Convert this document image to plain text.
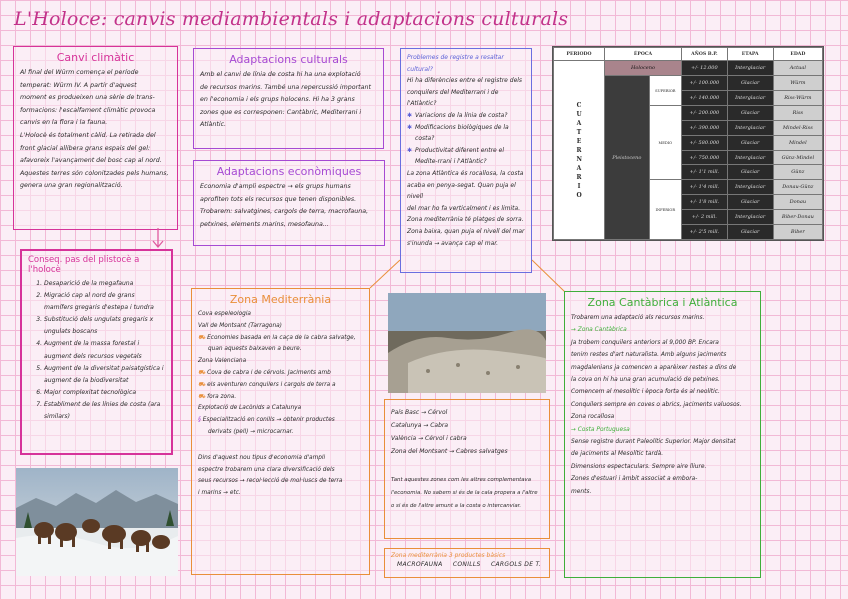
L'Holoce: canvis mediambientals i adaptacions culturals
Canvi climàtic

Al final del Würm comença el període

temperat: Würm IV. A partir d'aquest

moment es produeixen una sèrie de trans-

formacions: l'escalfament climàtic provoca

canvis en la flora i la fauna.

L'Holocè és totalment càlid. La retirada del

front glacial allibera grans espais del gel:

afavoreix l'avançament del bosc cap al nord.

Aquestes terres són colonitzades pels humans,

genera una gran regionalització.

Conseq. pas del plistocè a l'holocè
1. Desaparició de la megafauna
2. Migració cap al nord de grans mamífers gregaris d'estepa i tundra
3. Substitució dels ungulats gregaris x ungulats boscans
4. Augment de la massa forestal i augment dels recursos vegetals
5. Augment de la diversitat paisatgística i augment de la biodiversitat
6. Major complexitat tecnològica
7. Establiment de les línies de costa (ara similars)
Adaptacions culturals

Amb el canvi de línia de costa hi ha una explotació

de recursos marins. També una repercussió important

en l'economia i els grups holocens. Hi ha 3 grans

zones que es corresponen: Cantàbric, Mediterrani i Atlàntic.

Adaptacions econòmiques

Economia d'ampli espectre → els grups humans

aprofiten tots els recursos que tenen disponibles.

Trobarem: salvatgines, cargols de terra, macrofauna,

petxines, elements marins, mesofauna...

Problemes de registre a resaltar

cultural?

Hi ha diferències entre el registre dels

conquilers del Mediterrani i de l'Atlàntic?

✱ Variacions de la línia de costa?
✱ Modificacions biològiques de la costa?
✱ Productivitat diferent entre el Medite-rrani i l'Atlàntic?

La zona Atlàntica és rocallosa, la costa

acaba en penya-segat. Quan puja el nivell

del mar ho fa verticalment i es limita.

Zona mediterrània té platges de sorra.

Zona baixa, quan puja el nivell del mar

s'inunda → avança cap el mar.

PERIODO	ÉPOCA		AÑOS B.P.	ETAPA	EDAD

C U A T E R N A R I O	Holoceno		+/- 12.000	Interglaciar	Actual
	Pleistoceno	SUPERIOR	+/- 100.000	Glaciar	Würm
			+/- 140.000	Interglaciar	Riss-Würm
		MEDIO	+/- 200.000	Glaciar	Riss
			+/- 390.000	Interglaciar	Mindel-Riss
			+/- 580.000	Glaciar	Mindel
			+/- 750.000	Interglaciar	Günz-Mindel
			+/- 1'1 mill.	Glaciar	Günz
		INFERIOR	+/- 1'4 mill.	Interglaciar	Donau-Günz
			+/- 1'8 mill.	Glaciar	Donau
			+/- 2 mill.	Interglaciar	Biber-Donau
			+/- 2'5 mill.	Glaciar	Biber
Zona Mediterrània

Cova espeleologia

Vall de Montsant (Tarragona)

⛟ Economies basada en la caça de la cabra salvatge,

quan aquests baixaven a beure.

Zona Valenciana

⛟ Cova de cabra i de cérvols. Jaciments amb

⛟ els aventuren conquilers i cargols de terra a

⛟ fora zona.

Explotació de Lacònids a Catalunya

§ Especialització en conills → obtenir productes

derivats (pell) → microcarnar.

Dins d'aquest nou tipus d'economia d'ampli

espectre trobarem una clara diversificació dels

seus recursos → recol·lecció de mol·luscs de terra

i marins → etc.

País Basc → Cérvol

Catalunya → Cabra

València → Cérvol i cabra

Zona del Montsant → Cabres salvatges

Tant aquestes zones com les altres complementava

l'economia. No sabem si és de la cala propera a l'altre

o si és de l'altre amunt a la costa o intercanviar.

Zona mediterrània 3 productes bàsics
MACROFAUNA CONILLS CARGOLS DE T.
Zona Cantàbrica i Atlàntica

Trobarem una adaptació als recursos marins.

→ Zona Cantàbrica

Ja trobem conquilers anteriors al 9,000 BP. Encara

tenim restes d'art naturalista. Amb alguns jaciments

magdalenians ja comencen a aparèixer restes a dins de

la cova on hi ha una gran acumulació de petxines.

Comencem al mesolític i època forta és al neolític.

Conquilers sempre en coves o abrics, jaciments valuosos.

Zona rocallosa

→ Costa Portuguesa

Sense registre durant Paleolític Superior. Major densitat

de jaciments al Mesolític tardà.

Dimensions espectaculars. Sempre aire lliure.

Zones d'estuari i àmbit associat a embora-

ments.
